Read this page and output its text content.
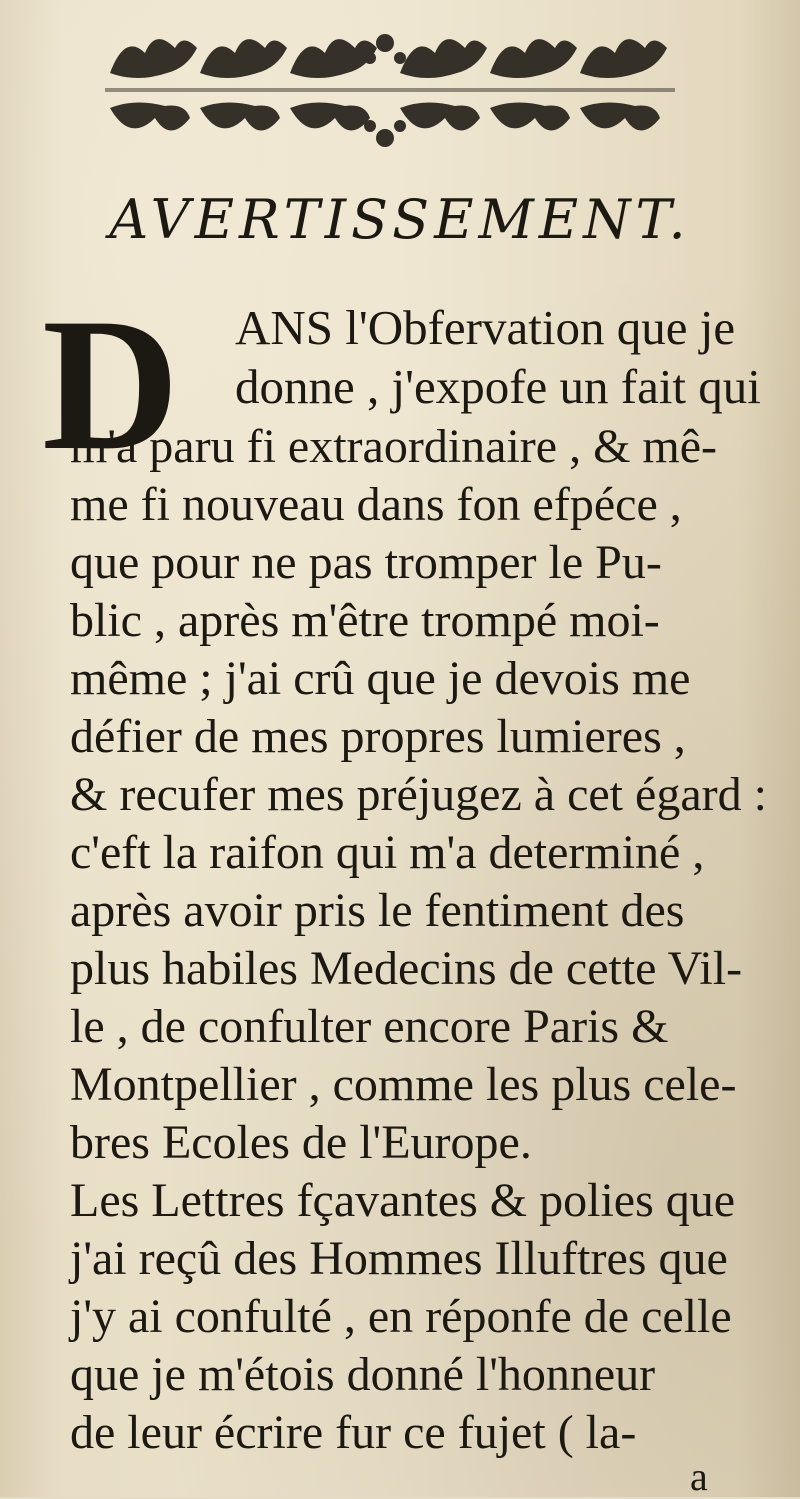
AVERTISSEMENT.
D ANS l'Obfervation que je
donne , j'expofe un fait qui
m'a paru fi extraordinaire , & mê-
me fi nouveau dans fon efpéce ,
que pour ne pas tromper le Pu-
blic , après m'être trompé moi-
même ; j'ai crû que je devois me
défier de mes propres lumieres ,
& recufer mes préjugez à cet égard :
c'eft la raifon qui m'a determiné ,
après avoir pris le fentiment des
plus habiles Medecins de cette Vil-
le , de confulter encore Paris &
Montpellier , comme les plus cele-
bres Ecoles de l'Europe.
Les Lettres fçavantes & polies que
j'ai reçû des Hommes Illuftres que
j'y ai confulté , en réponfe de celle
que je m'étois donné l'honneur
de leur écrire fur ce fujet ( la-
a
